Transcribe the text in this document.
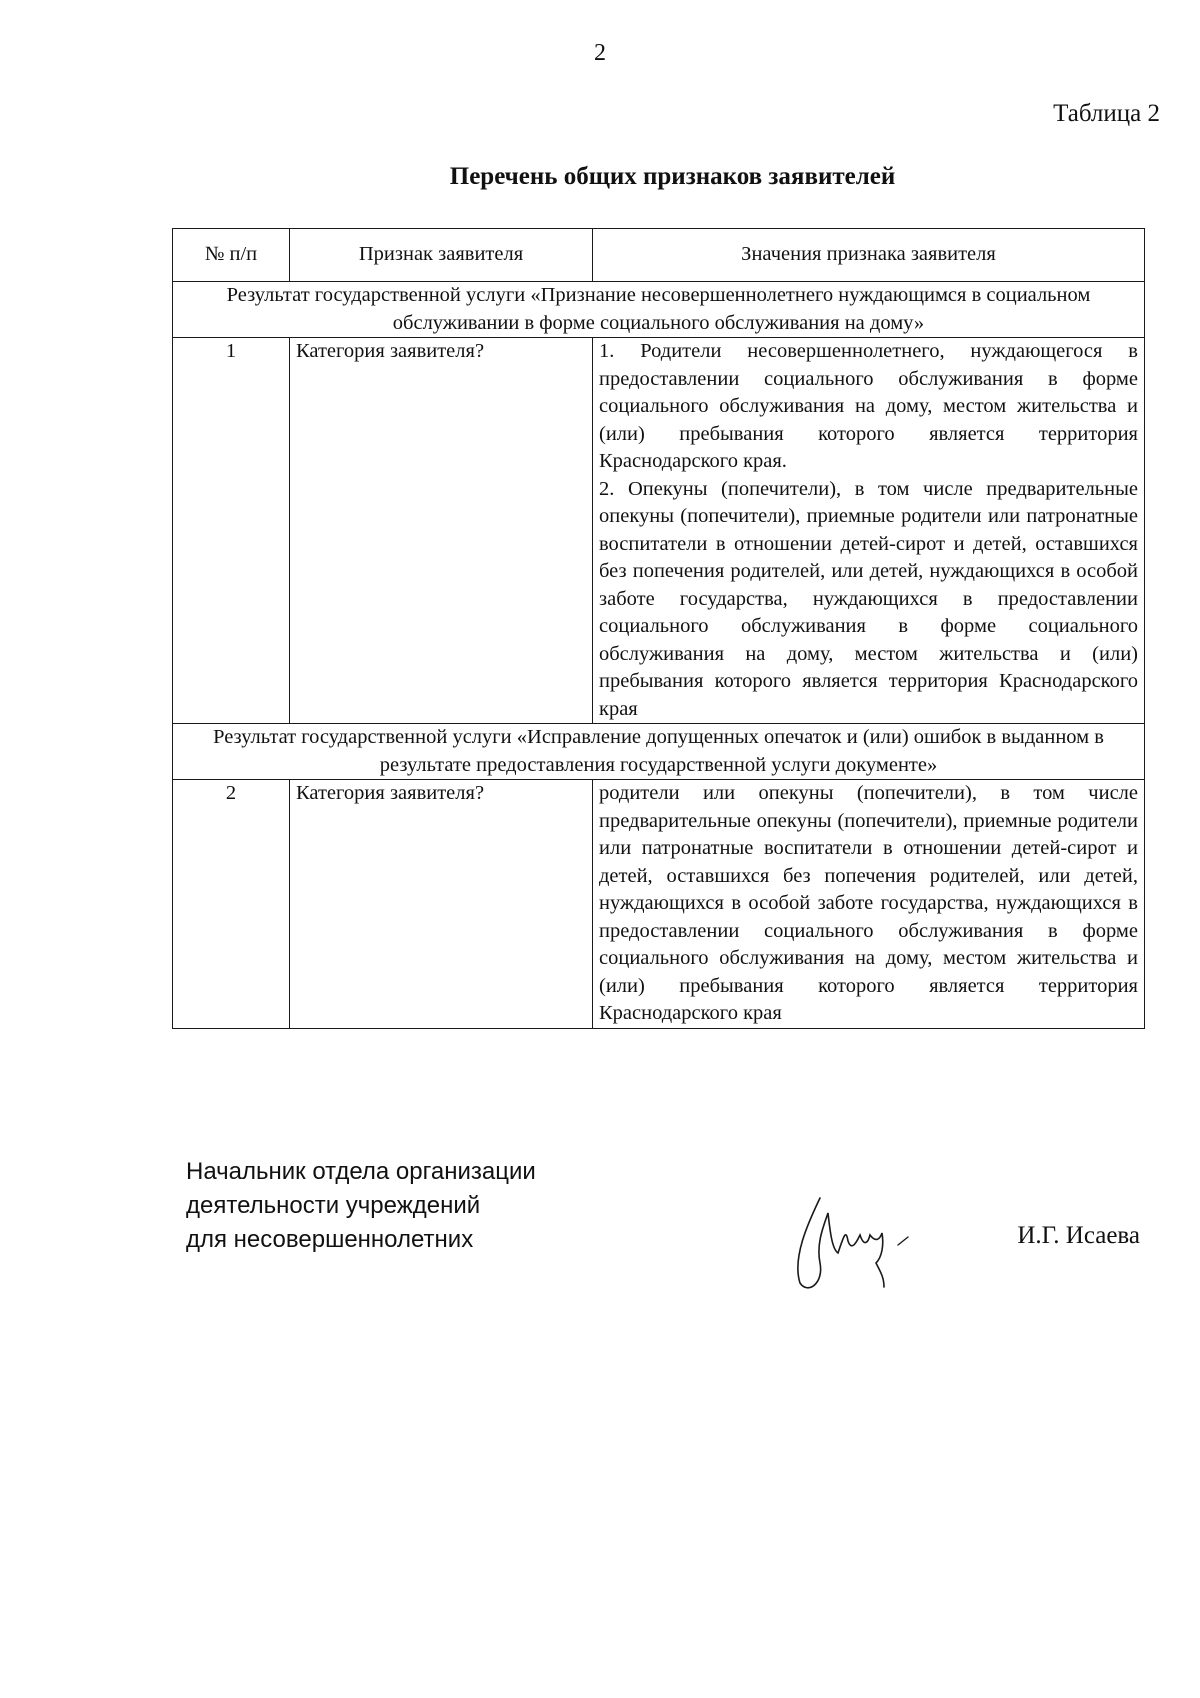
2
Таблица 2
Перечень общих признаков заявителей
№ п/п	Признак заявителя	Значения признака заявителя
Результат государственной услуги «Признание несовершеннолетнего нуждающимся в социальном обслуживании в форме социального обслуживания на дому»		
1	Категория заявителя?	1. Родители несовершеннолетнего, нуждающегося в предоставлении социального обслуживания в форме социального обслуживания на дому, местом жительства и (или) пребывания которого является территория Краснодарского края.
2. Опекуны (попечители), в том числе предварительные опекуны (попечители), приемные родители или патронатные воспитатели в отношении детей-сирот и детей, оставшихся без попечения родителей, или детей, нуждающихся в особой заботе государства, нуждающихся в предоставлении социального обслуживания в форме социального обслуживания на дому, местом жительства и (или) пребывания которого является территория Краснодарского края

Результат государственной услуги «Исправление допущенных опечаток и (или) ошибок в выданном в результате предоставления государственной услуги документе»		
2	Категория заявителя?	родители или опекуны (попечители), в том числе предварительные опекуны (попечители), приемные родители или патронатные воспитатели в отношении детей-сирот и детей, оставшихся без попечения родителей, или детей, нуждающихся в особой заботе государства, нуждающихся в предоставлении социального обслуживания в форме социального обслуживания на дому, местом жительства и (или) пребывания которого является территория Краснодарского края
Начальник отдела организации
деятельности учреждений
для несовершеннолетних	И.Г. Исаева
